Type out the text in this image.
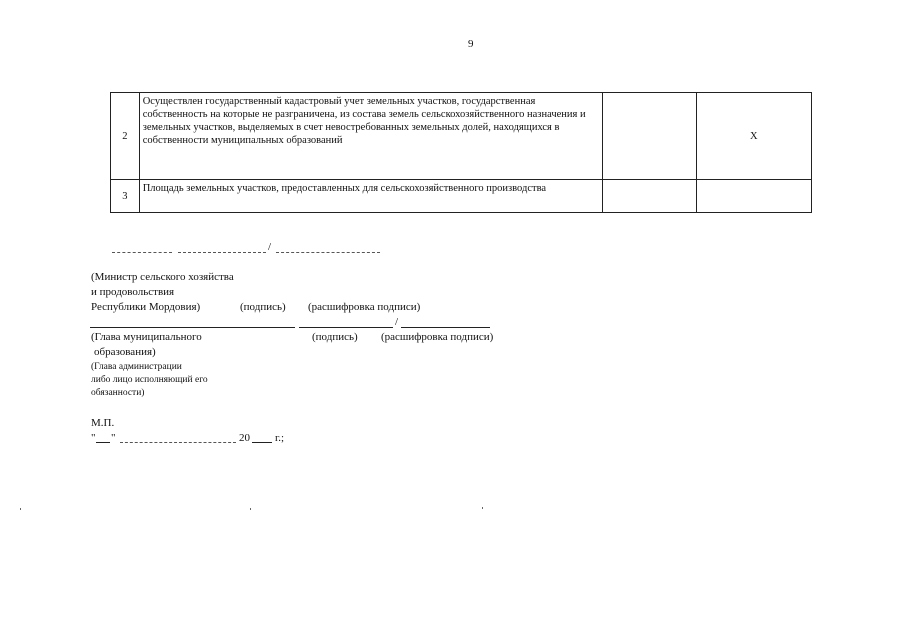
9
2	Осуществлен государственный кадастровый учет земельных участков, государственная собственность на которые не разграничена, из состава земель сельскохозяйственного назначения и земельных участков, выделяемых в счет невостребованных земельных долей, находящихся в собственности муниципальных образований		X
3	Площадь земельных участков, предоставленных для сельскохозяйственного производства		
/
(Министр сельского хозяйства
и продовольствия
Республики Мордовия)	(подпись) (расшифровка подписи)
/
(Глава муниципального	(подпись) (расшифровка подписи)
образования)
(Глава администрации
либо лицо исполняющий его
обязанности)
М.П.
" "	20 г.;
